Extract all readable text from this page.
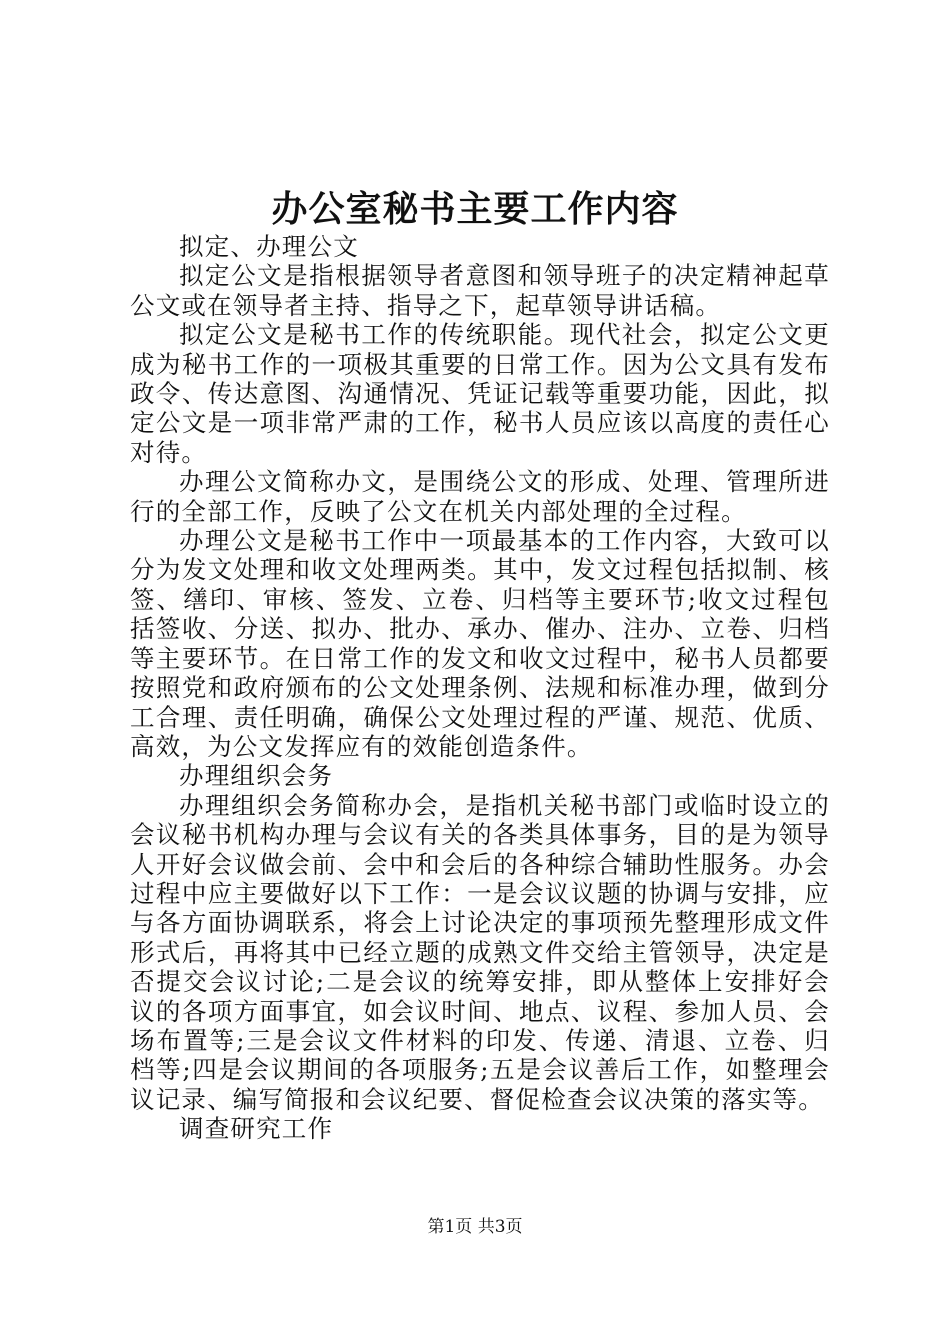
办公室秘书主要工作内容

拟定、办理公文

拟定公文是指根据领导者意图和领导班子的决定精神起草公文或在领导者主持、指导之下，起草领导讲话稿。

拟定公文是秘书工作的传统职能。现代社会，拟定公文更成为秘书工作的一项极其重要的日常工作。因为公文具有发布政令、传达意图、沟通情况、凭证记载等重要功能，因此，拟定公文是一项非常严肃的工作，秘书人员应该以高度的责任心对待。

办理公文简称办文，是围绕公文的形成、处理、管理所进行的全部工作，反映了公文在机关内部处理的全过程。

办理公文是秘书工作中一项最基本的工作内容，大致可以分为发文处理和收文处理两类。其中，发文过程包括拟制、核签、缮印、审核、签发、立卷、归档等主要环节;收文过程包括签收、分送、拟办、批办、承办、催办、注办、立卷、归档等主要环节。在日常工作的发文和收文过程中，秘书人员都要按照党和政府颁布的公文处理条例、法规和标准办理，做到分工合理、责任明确，确保公文处理过程的严谨、规范、优质、高效，为公文发挥应有的效能创造条件。

办理组织会务

办理组织会务简称办会，是指机关秘书部门或临时设立的会议秘书机构办理与会议有关的各类具体事务，目的是为领导人开好会议做会前、会中和会后的各种综合辅助性服务。办会过程中应主要做好以下工作：一是会议议题的协调与安排，应与各方面协调联系，将会上讨论决定的事项预先整理形成文件形式后，再将其中已经立题的成熟文件交给主管领导，决定是否提交会议讨论;二是会议的统筹安排，即从整体上安排好会议的各项方面事宜，如会议时间、地点、议程、参加人员、会场布置等;三是会议文件材料的印发、传递、清退、立卷、归档等;四是会议期间的各项服务;五是会议善后工作，如整理会议记录、编写简报和会议纪要、督促检查会议决策的落实等。

调查研究工作

第1页 共3页
